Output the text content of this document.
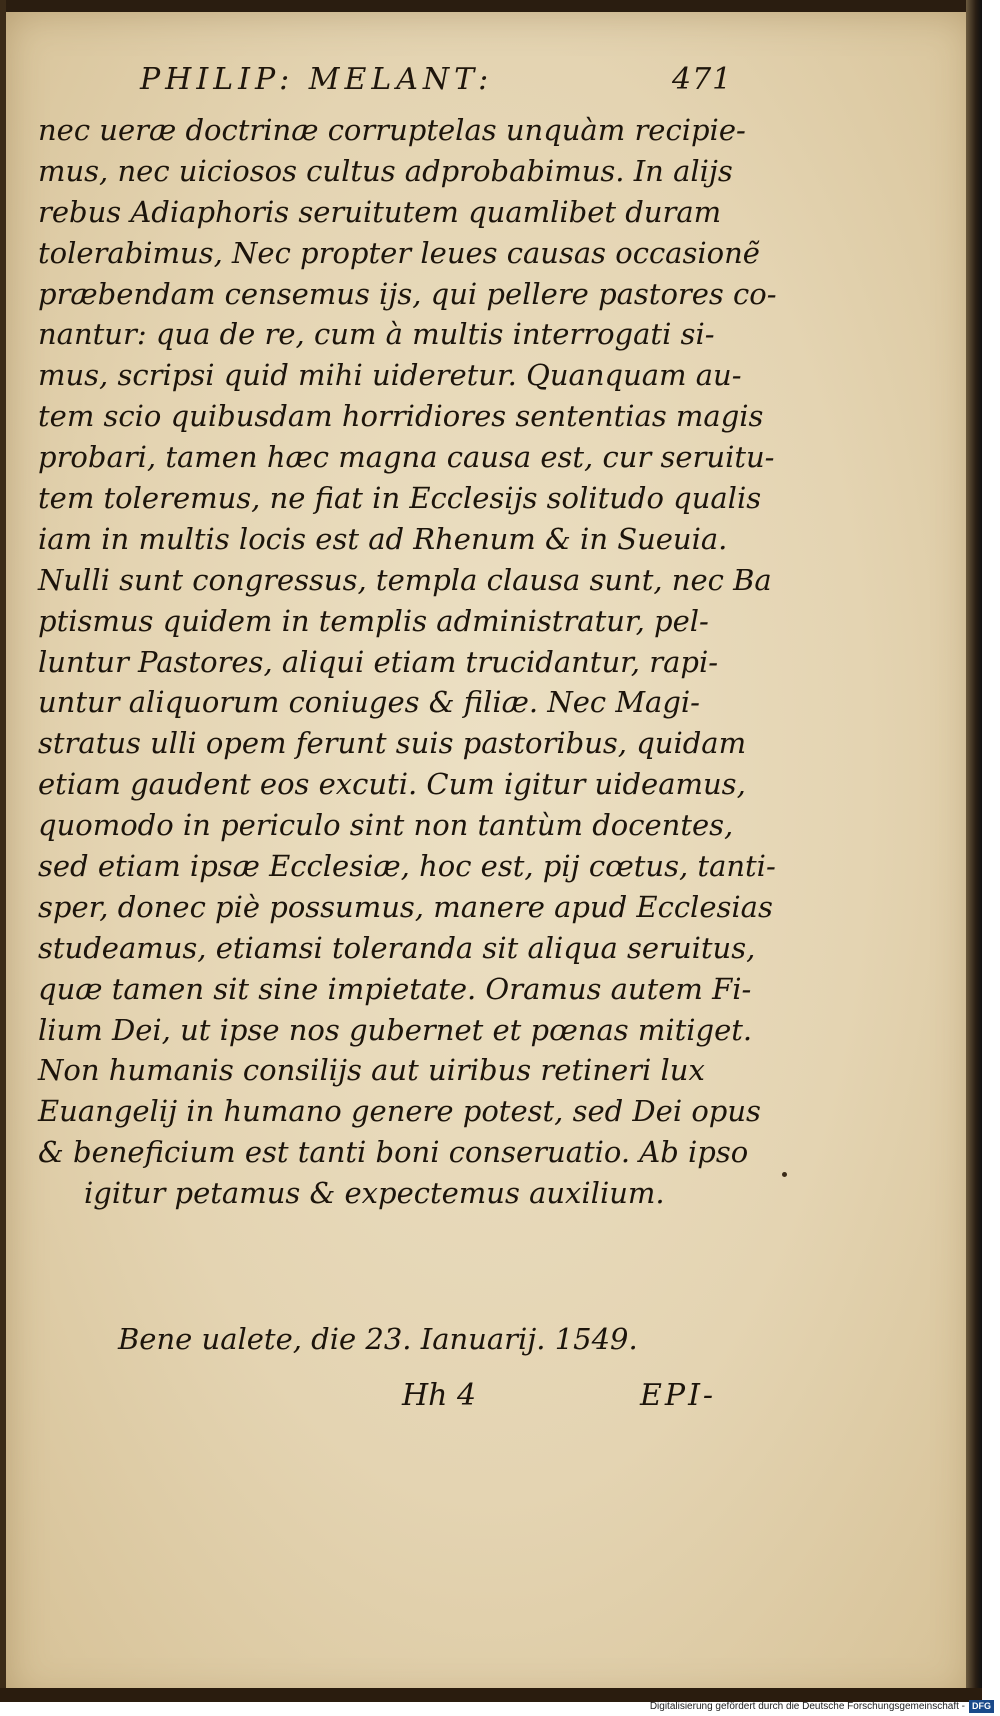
PHILIP: MELANT:	471
nec ueræ doctrinæ corruptelas unquàm recipie-
mus, nec uiciosos cultus adprobabimus. In alijs
rebus Adiaphoris seruitutem quamlibet duram
tolerabimus, Nec propter leues causas occasionẽ
præbendam censemus ijs, qui pellere pastores co-
nantur: qua de re, cum à multis interrogati si-
mus, scripsi quid mihi uideretur. Quanquam au-
tem scio quibusdam horridiores sententias magis
probari, tamen hæc magna causa est, cur seruitu-
tem toleremus, ne fiat in Ecclesijs solitudo qualis
iam in multis locis est ad Rhenum & in Sueuia.
Nulli sunt congressus, templa clausa sunt, nec Ba
ptismus quidem in templis administratur, pel-
luntur Pastores, aliqui etiam trucidantur, rapi-
untur aliquorum coniuges & filiæ. Nec Magi-
stratus ulli opem ferunt suis pastoribus, quidam
etiam gaudent eos excuti. Cum igitur uideamus,
quomodo in periculo sint non tantùm docentes,
sed etiam ipsæ Ecclesiæ, hoc est, pij cœtus, tanti-
sper, donec piè possumus, manere apud Ecclesias
studeamus, etiamsi toleranda sit aliqua seruitus,
quæ tamen sit sine impietate. Oramus autem Fi-
lium Dei, ut ipse nos gubernet et pœnas mitiget.
Non humanis consilijs aut uiribus retineri lux
Euangelij in humano genere potest, sed Dei opus
& beneficium est tanti boni conseruatio. Ab ipso
igitur petamus & expectemus auxilium.
Bene ualete, die 23. Ianuarij. 1549.
Hh 4	EPI-
Digitalisierung gefördert durch die Deutsche Forschungsgemeinschaft - DFG
